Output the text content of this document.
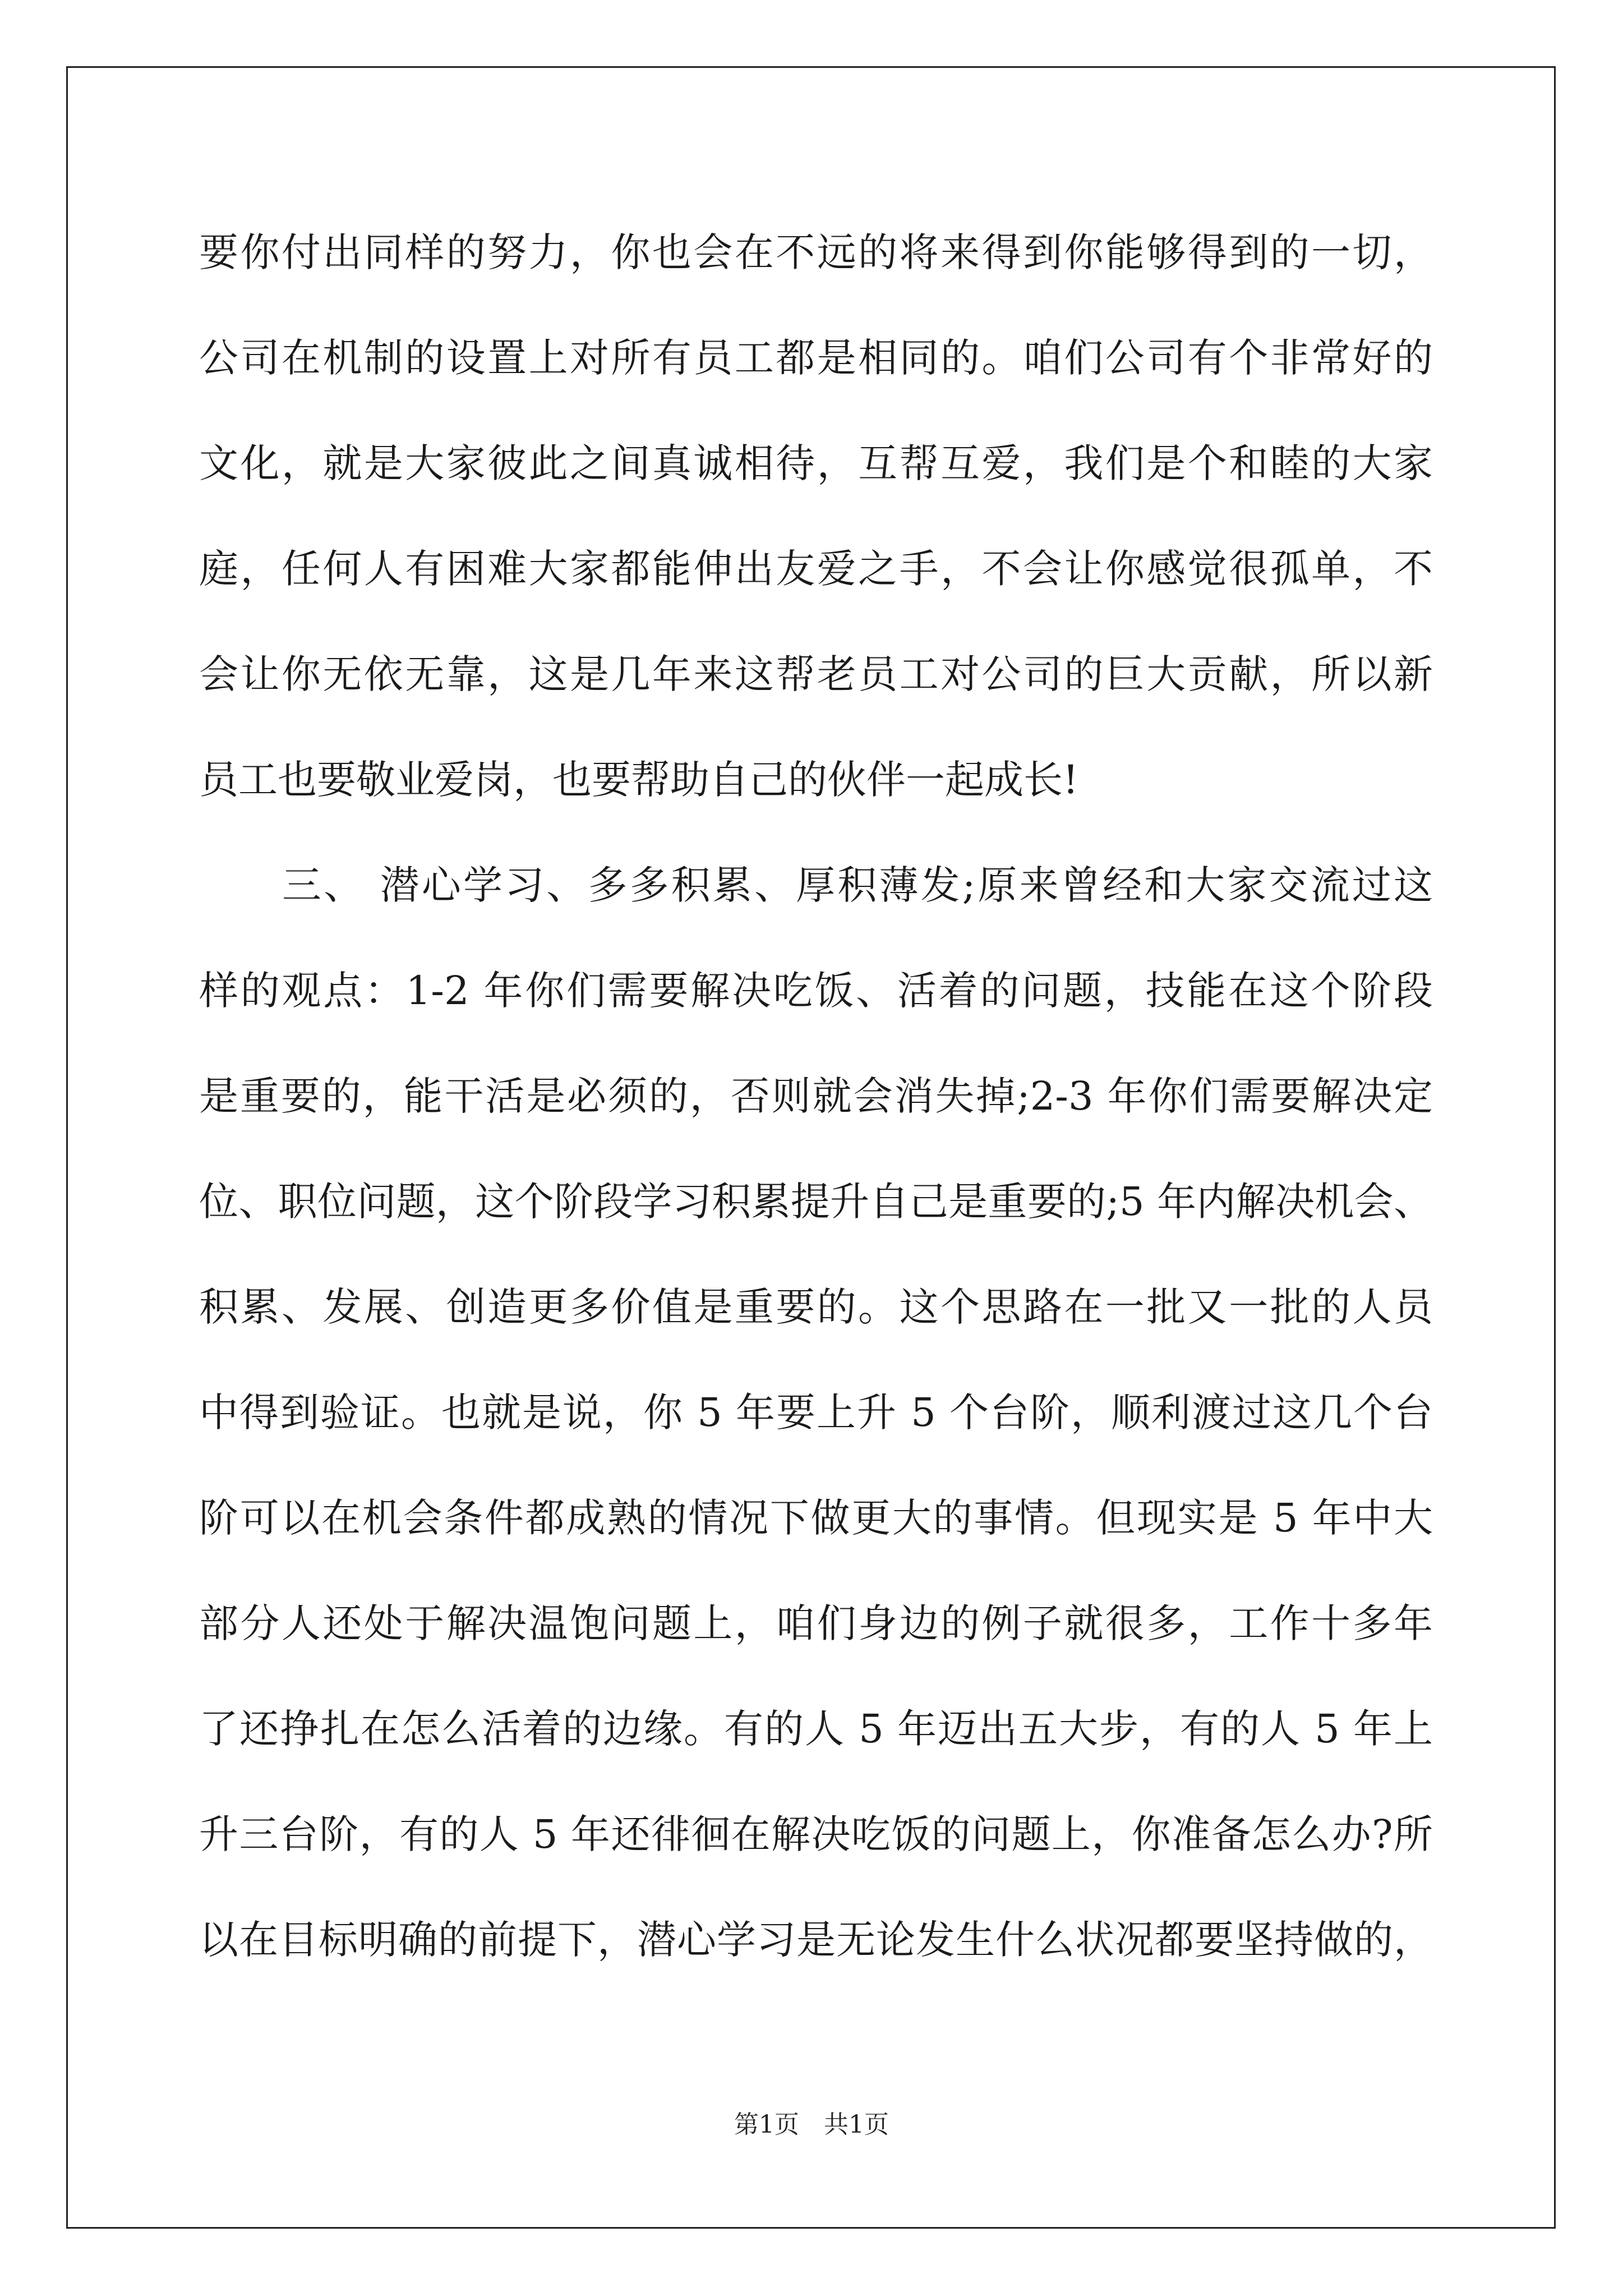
要你付出同样的努力，你也会在不远的将来得到你能够得到的一切，
公司在机制的设置上对所有员工都是相同的。咱们公司有个非常好的
文化，就是大家彼此之间真诚相待，互帮互爱，我们是个和睦的大家
庭，任何人有困难大家都能伸出友爱之手，不会让你感觉很孤单，不
会让你无依无靠，这是几年来这帮老员工对公司的巨大贡献，所以新
员工也要敬业爱岗，也要帮助自己的伙伴一起成长!
三、 潜心学习、多多积累、厚积薄发;原来曾经和大家交流过这
样的观点：1-2 年你们需要解决吃饭、活着的问题，技能在这个阶段
是重要的，能干活是必须的，否则就会消失掉;2-3 年你们需要解决定
位、职位问题，这个阶段学习积累提升自己是重要的;5 年内解决机会、
积累、发展、创造更多价值是重要的。这个思路在一批又一批的人员
中得到验证。也就是说，你 5 年要上升 5 个台阶，顺利渡过这几个台
阶可以在机会条件都成熟的情况下做更大的事情。但现实是 5 年中大
部分人还处于解决温饱问题上，咱们身边的例子就很多，工作十多年
了还挣扎在怎么活着的边缘。有的人 5 年迈出五大步，有的人 5 年上
升三台阶，有的人 5 年还徘徊在解决吃饭的问题上，你准备怎么办?所
以在目标明确的前提下，潜心学习是无论发生什么状况都要坚持做的，
第1页 共1页
